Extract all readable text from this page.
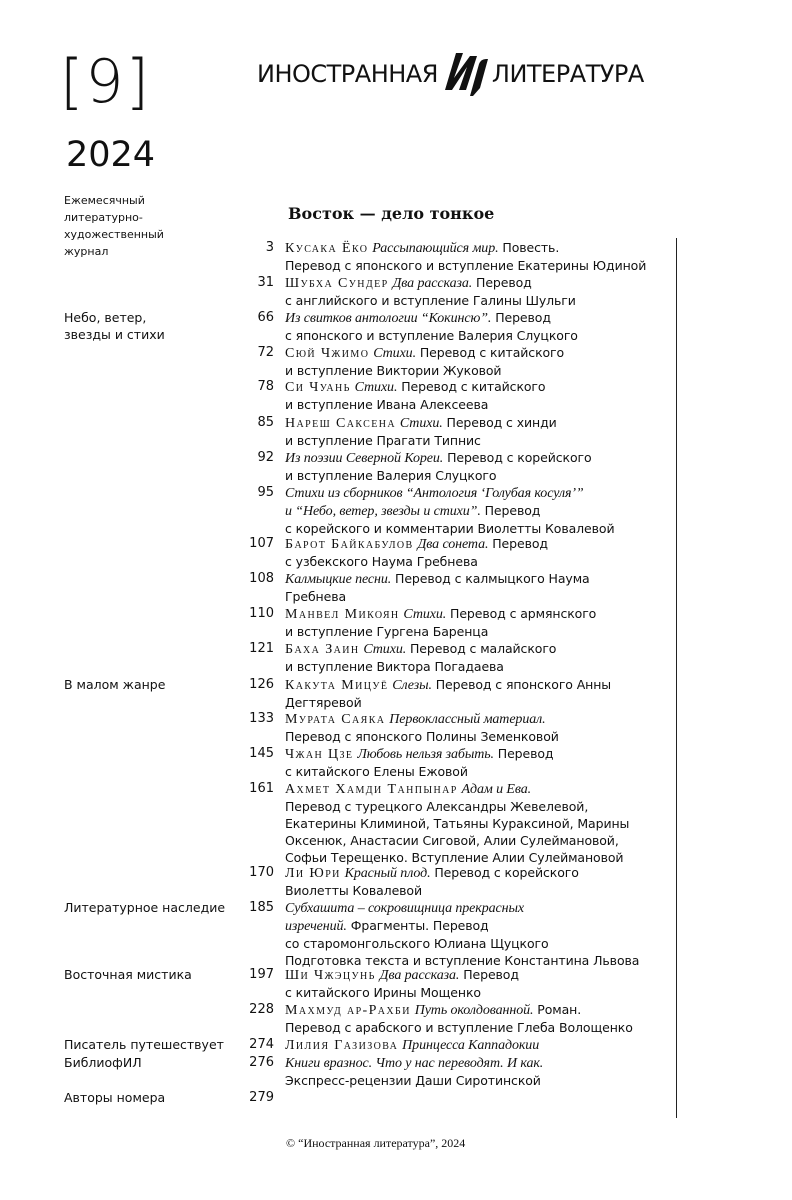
[9]
2024
ИНОСТРАННАЯ ЛИТЕРАТУРА
Ежемесячный
литературно-
художественный
журнал
Восток — дело тонкое
Небо, ветер,
звезды и стихи
В малом жанре
Литературное наследие
Восточная мистика
Писатель путешествует
БиблиофИЛ
Авторы номера
3 Кусака Ёко Рассыпающийся мир. Повесть.
Перевод с японского и вступление Екатерины Юдиной
31 Шубха Сундер Два рассказа. Перевод
с английского и вступление Галины Шульги
66 Из свитков антологии “Кокинсю”. Перевод
с японского и вступление Валерия Слуцкого
72 Сюй Чжимо Стихи. Перевод с китайского
и вступление Виктории Жуковой
78 Си Чуань Стихи. Перевод с китайского
и вступление Ивана Алексеева
85 Нареш Саксена Стихи. Перевод с хинди
и вступление Прагати Типнис
92 Из поэзии Северной Кореи. Перевод с корейского
и вступление Валерия Слуцкого
95 Стихи из сборников “Антология ‘Голубая косуля’”
и “Небо, ветер, звезды и стихи”. Перевод
с корейского и комментарии Виолетты Ковалевой
107 Барот Байкабулов Два сонета. Перевод
с узбекского Наума Гребнева
108 Калмыцкие песни. Перевод с калмыцкого Наума
Гребнева
110 Манвел Микоян Стихи. Перевод с армянского
и вступление Гургена Баренца
121 Баха Заин Стихи. Перевод с малайского
и вступление Виктора Погадаева
126 Какута Мицуё Слезы. Перевод с японского Анны
Дегтяревой
133 Мурата Саяка Первоклассный материал.
Перевод с японского Полины Земенковой
145 Чжан Цзе Любовь нельзя забыть. Перевод
с китайского Елены Ежовой
161 Ахмет Хамди Танпынар Адам и Ева.
Перевод с турецкого Александры Жевелевой,
Екатерины Климиной, Татьяны Кураксиной, Марины
Оксенюк, Анастасии Сиговой, Алии Сулеймановой,
Софьи Терещенко. Вступление Алии Сулеймановой
170 Ли Юри Красный плод. Перевод с корейского
Виолетты Ковалевой
185 Субхашита – сокровищница прекрасных
изречений. Фрагменты. Перевод
со старомонгольского Юлиана Щуцкого
Подготовка текста и вступление Константина Львова
197 Ши Чжэцунь Два рассказа. Перевод
с китайского Ирины Мощенко
228 Махмуд ар-Рахби Путь околдованной. Роман.
Перевод с арабского и вступление Глеба Волощенко
274 Лилия Газизова Принцесса Каппадокии
276 Книги вразнос. Что у нас переводят. И как.
Экспресс-рецензии Даши Сиротинской
279
© “Иностранная литература”, 2024
